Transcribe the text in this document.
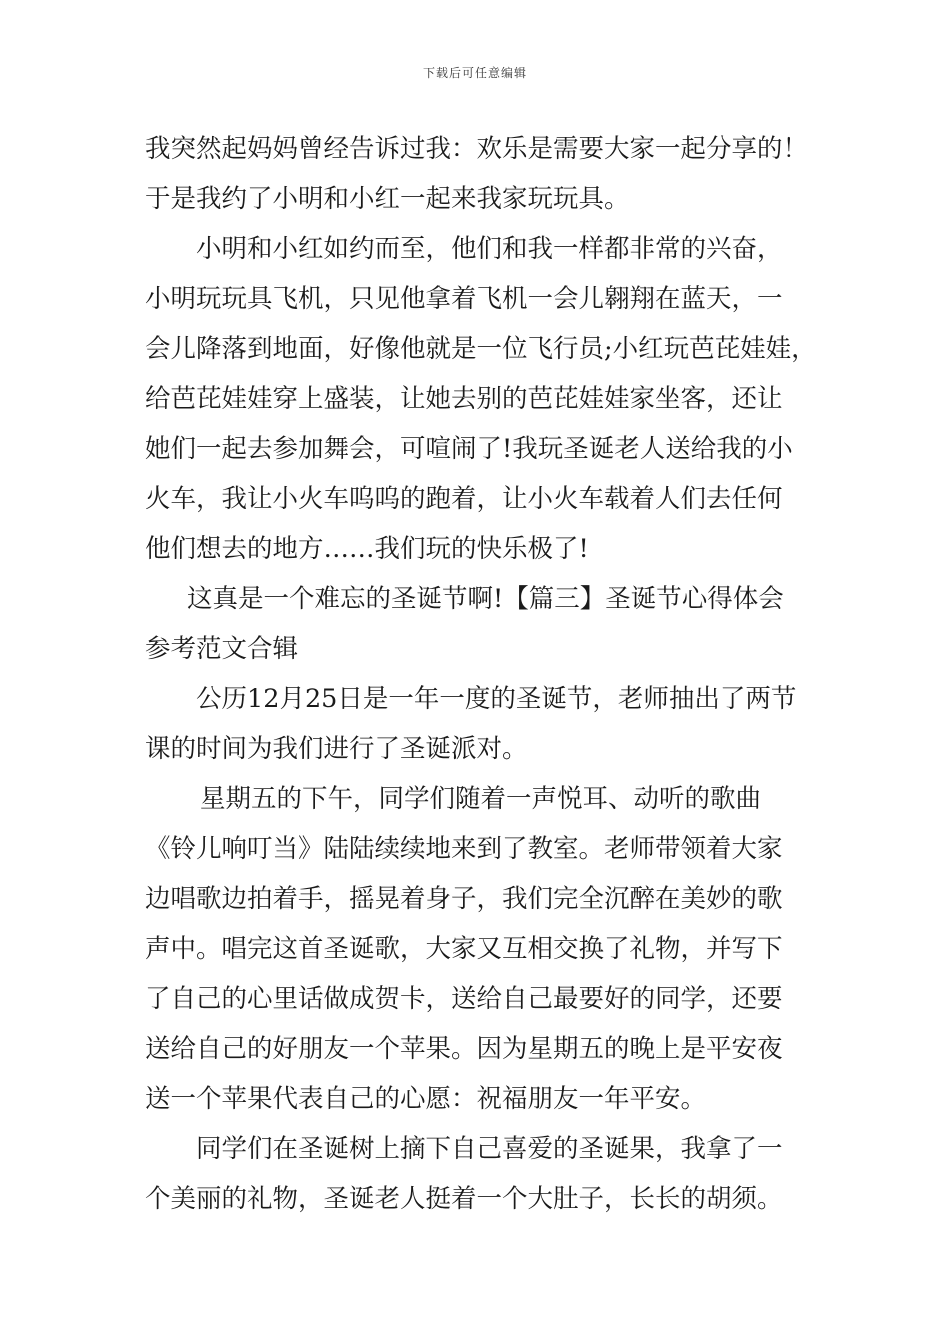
下载后可任意编辑
我突然起妈妈曾经告诉过我：欢乐是需要大家一起分享的！
于是我约了小明和小红一起来我家玩玩具。
小明和小红如约而至，他们和我一样都非常的兴奋，
小明玩玩具飞机，只见他拿着飞机一会儿翱翔在蓝天，一
会儿降落到地面，好像他就是一位飞行员;小红玩芭芘娃娃，
给芭芘娃娃穿上盛装，让她去别的芭芘娃娃家坐客，还让
她们一起去参加舞会，可喧闹了!我玩圣诞老人送给我的小
火车，我让小火车呜呜的跑着，让小火车载着人们去任何
他们想去的地方……我们玩的快乐极了!
这真是一个难忘的圣诞节啊!【篇三】圣诞节心得体会
参考范文合辑
公历12月25日是一年一度的圣诞节，老师抽出了两节
课的时间为我们进行了圣诞派对。
星期五的下午，同学们随着一声悦耳、动听的歌曲
《铃儿响叮当》陆陆续续地来到了教室。老师带领着大家
边唱歌边拍着手，摇晃着身子，我们完全沉醉在美妙的歌
声中。唱完这首圣诞歌，大家又互相交换了礼物，并写下
了自己的心里话做成贺卡，送给自己最要好的同学，还要
送给自己的好朋友一个苹果。因为星期五的晚上是平安夜
送一个苹果代表自己的心愿：祝福朋友一年平安。
同学们在圣诞树上摘下自己喜爱的圣诞果，我拿了一
个美丽的礼物，圣诞老人挺着一个大肚子，长长的胡须。
